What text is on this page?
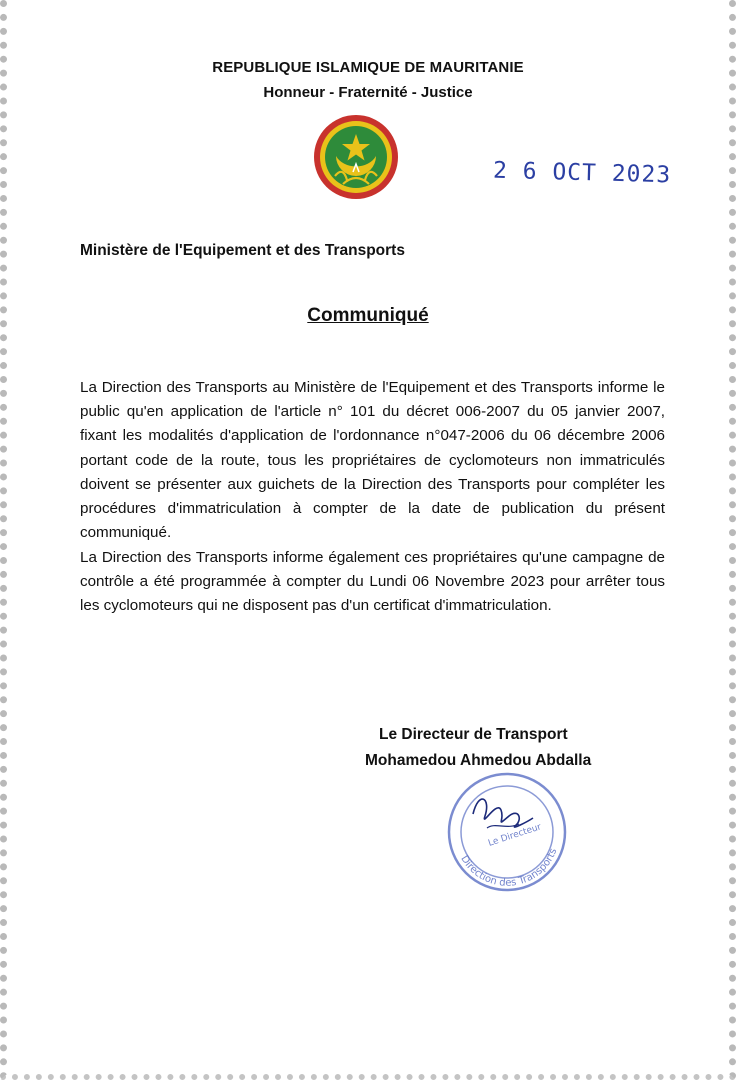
REPUBLIQUE ISLAMIQUE DE MAURITANIE
Honneur - Fraternité - Justice
2 6 OCT 2023
Ministère de l'Equipement et des Transports
Communiqué

La Direction des Transports au Ministère de l'Equipement et des Transports informe le public qu'en application de l'article n° 101 du décret 006-2007 du 05 janvier 2007, fixant les modalités d'application de l'ordonnance n°047-2006 du 06 décembre 2006 portant code de la route, tous les propriétaires de cyclomoteurs non immatriculés doivent se présenter aux guichets de la Direction des Transports pour compléter les procédures d'immatriculation à compter de la date de publication du présent communiqué.

La Direction des Transports informe également ces propriétaires qu'une campagne de contrôle a été programmée à compter du Lundi 06 Novembre 2023 pour arrêter tous les cyclomoteurs qui ne disposent pas d'un certificat d'immatriculation.

Le Directeur de Transport
Mohamedou Ahmedou Abdalla
Direction des Transports
Le Directeur
